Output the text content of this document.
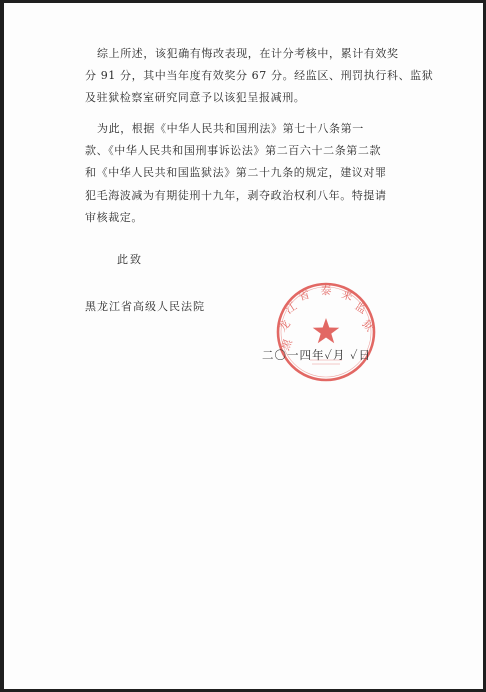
综上所述，该犯确有悔改表现，在计分考核中，累计有效奖
分 91 分，其中当年度有效奖分 67 分。经监区、刑罚执行科、监狱
及驻狱检察室研究同意予以该犯呈报减刑。
为此，根据《中华人民共和国刑法》第七十八条第一
款、《中华人民共和国刑事诉讼法》第二百六十二条第二款
和《中华人民共和国监狱法》第二十九条的规定，建议对罪
犯毛海波减为有期徒刑十九年，剥夺政治权利八年。特提请
审核裁定。
此致
黑龙江省高级人民法院
黑
龙
江
省 泰 来
监
狱
二〇一四年✓月 ✓日
